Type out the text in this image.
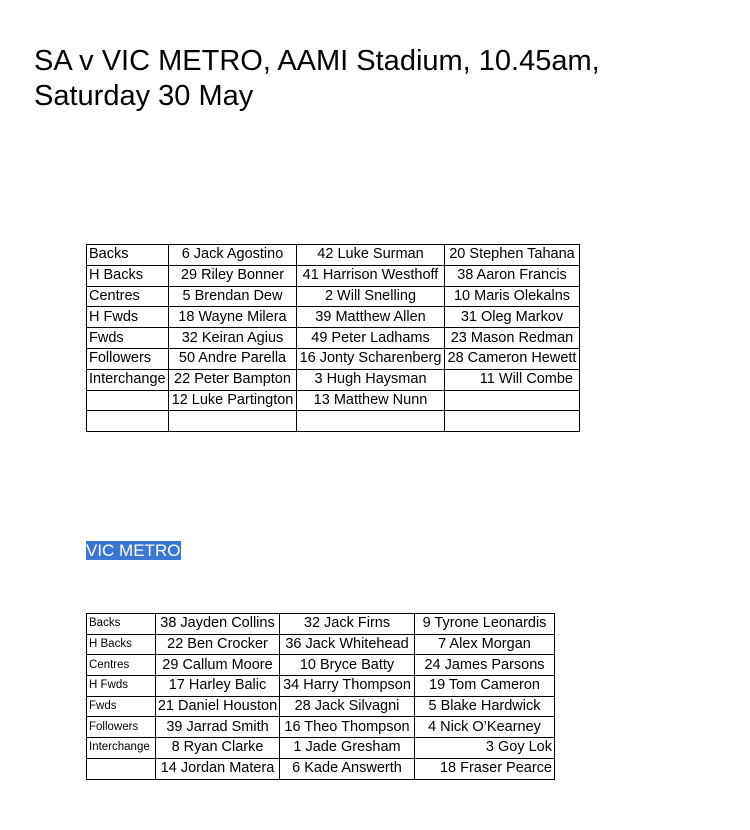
SA v VIC METRO, AAMI Stadium, 10.45am, Saturday 30 May
Backs	6 Jack Agostino	42 Luke Surman	20 Stephen Tahana
H Backs	29 Riley Bonner	41 Harrison Westhoff	38 Aaron Francis
Centres	5 Brendan Dew	2 Will Snelling	10 Maris Olekalns
H Fwds	18 Wayne Milera	39 Matthew Allen	31 Oleg Markov
Fwds	32 Keiran Agius	49 Peter Ladhams	23 Mason Redman
Followers	50 Andre Parella	16 Jonty Scharenberg	28 Cameron Hewett
Interchange	22 Peter Bampton	3 Hugh Haysman	11 Will Combe
	12 Luke Partington	13 Matthew Nunn	

VIC METRO
Backs	38 Jayden Collins	32 Jack Firns	9 Tyrone Leonardis
H Backs	22 Ben Crocker	36 Jack Whitehead	7 Alex Morgan
Centres	29 Callum Moore	10 Bryce Batty	24 James Parsons
H Fwds	17 Harley Balic	34 Harry Thompson	19 Tom Cameron
Fwds	21 Daniel Houston	28 Jack Silvagni	5 Blake Hardwick
Followers	39 Jarrad Smith	16 Theo Thompson	4 Nick O’Kearney
Interchange	8 Ryan Clarke	1 Jade Gresham	3 Goy Lok
	14 Jordan Matera	6 Kade Answerth	18 Fraser Pearce
